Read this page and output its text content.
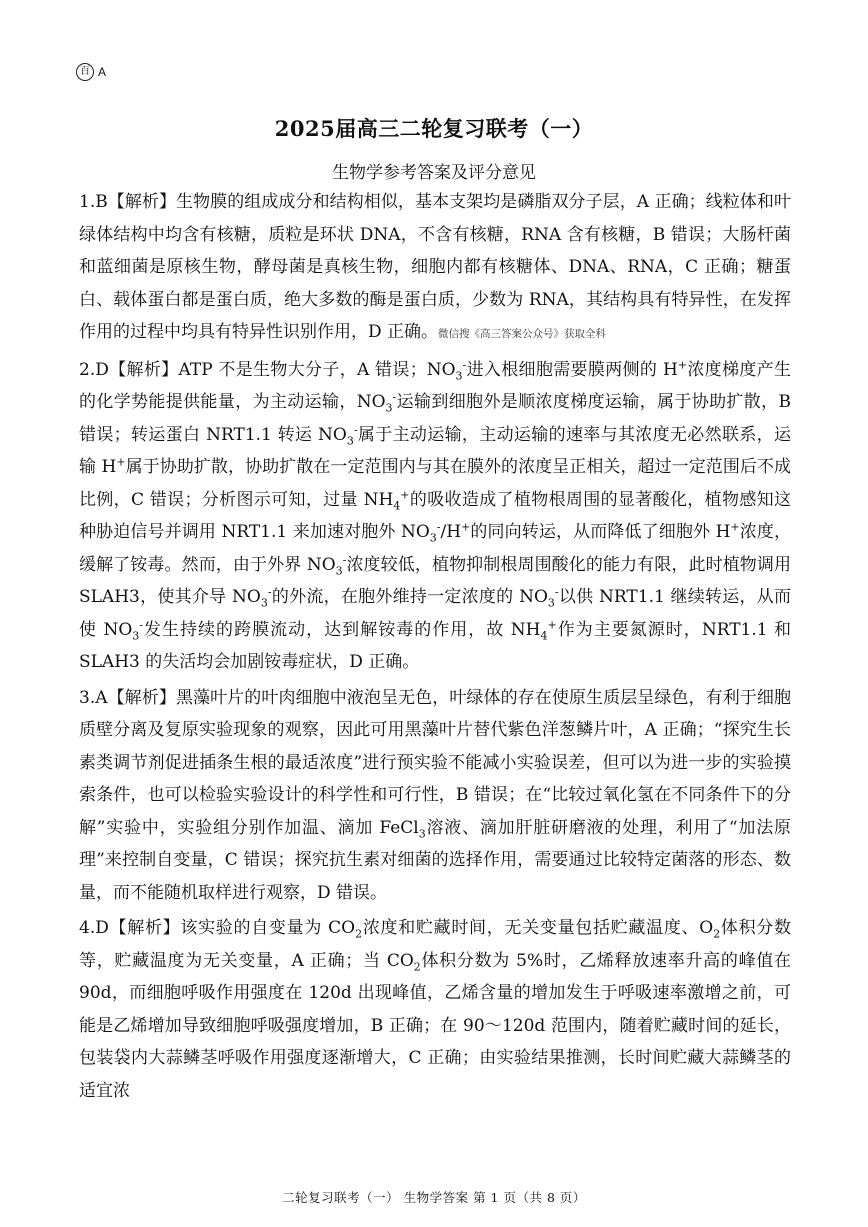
百 A
2025届高三二轮复习联考（一）
生物学参考答案及评分意见

1.B【解析】生物膜的组成成分和结构相似，基本支架均是磷脂双分子层，A 正确；线粒体和叶绿体结构中均含有核糖，质粒是环状 DNA，不含有核糖，RNA 含有核糖，B 错误；大肠杆菌和蓝细菌是原核生物，酵母菌是真核生物，细胞内都有核糖体、DNA、RNA，C 正确；糖蛋白、载体蛋白都是蛋白质，绝大多数的酶是蛋白质，少数为 RNA，其结构具有特异性，在发挥作用的过程中均具有特异性识别作用，D 正确。微信搜《高三答案公众号》获取全科

2.D【解析】ATP 不是生物大分子，A 错误；$NO_3^-$进入根细胞需要膜两侧的 H+浓度梯度产生的化学势能提供能量，为主动运输，$NO_3^-$运输到细胞外是顺浓度梯度运输，属于协助扩散，B 错误；转运蛋白 NRT1.1 转运 $NO_3^-$属于主动运输，主动运输的速率与其浓度无必然联系，运输 H+属于协助扩散，协助扩散在一定范围内与其在膜外的浓度呈正相关，超过一定范围后不成比例，C 错误；分析图示可知，过量 $NH_4^+$的吸收造成了植物根周围的显著酸化，植物感知这种胁迫信号并调用 NRT1.1 来加速对胞外 $NO_3^-/H^+$的同向转运，从而降低了细胞外 H+浓度，缓解了铵毒。然而，由于外界 $NO_3^-$浓度较低，植物抑制根周围酸化的能力有限，此时植物调用 SLAH3，使其介导 $NO_3^-$的外流，在胞外维持一定浓度的 $NO_3^-$以供 NRT1.1 继续转运，从而使 $NO_3^-$发生持续的跨膜流动，达到解铵毒的作用，故 $NH_4^+$作为主要氮源时，NRT1.1 和 SLAH3 的失活均会加剧铵毒症状，D 正确。

3.A【解析】黑藻叶片的叶肉细胞中液泡呈无色，叶绿体的存在使原生质层呈绿色，有利于细胞质壁分离及复原实验现象的观察，因此可用黑藻叶片替代紫色洋葱鳞片叶，A 正确；“探究生长素类调节剂促进插条生根的最适浓度”进行预实验不能减小实验误差，但可以为进一步的实验摸索条件，也可以检验实验设计的科学性和可行性，B 错误；在“比较过氧化氢在不同条件下的分解”实验中，实验组分别作加温、滴加 FeCl$_3$溶液、滴加肝脏研磨液的处理，利用了“加法原理”来控制自变量，C 错误；探究抗生素对细菌的选择作用，需要通过比较特定菌落的形态、数量，而不能随机取样进行观察，D 错误。

4.D【解析】该实验的自变量为 $CO_2$浓度和贮藏时间，无关变量包括贮藏温度、$O_2$体积分数等，贮藏温度为无关变量，A 正确；当 $CO_2$体积分数为 5%时，乙烯释放速率升高的峰值在 90d，而细胞呼吸作用强度在 120d 出现峰值，乙烯含量的增加发生于呼吸速率激增之前，可能是乙烯增加导致细胞呼吸强度增加，B 正确；在 90～120d 范围内，随着贮藏时间的延长，包装袋内大蒜鳞茎呼吸作用强度逐渐增大，C 正确；由实验结果推测，长时间贮藏大蒜鳞茎的适宜浓

二轮复习联考（一） 生物学答案 第 1 页（共 8 页）
